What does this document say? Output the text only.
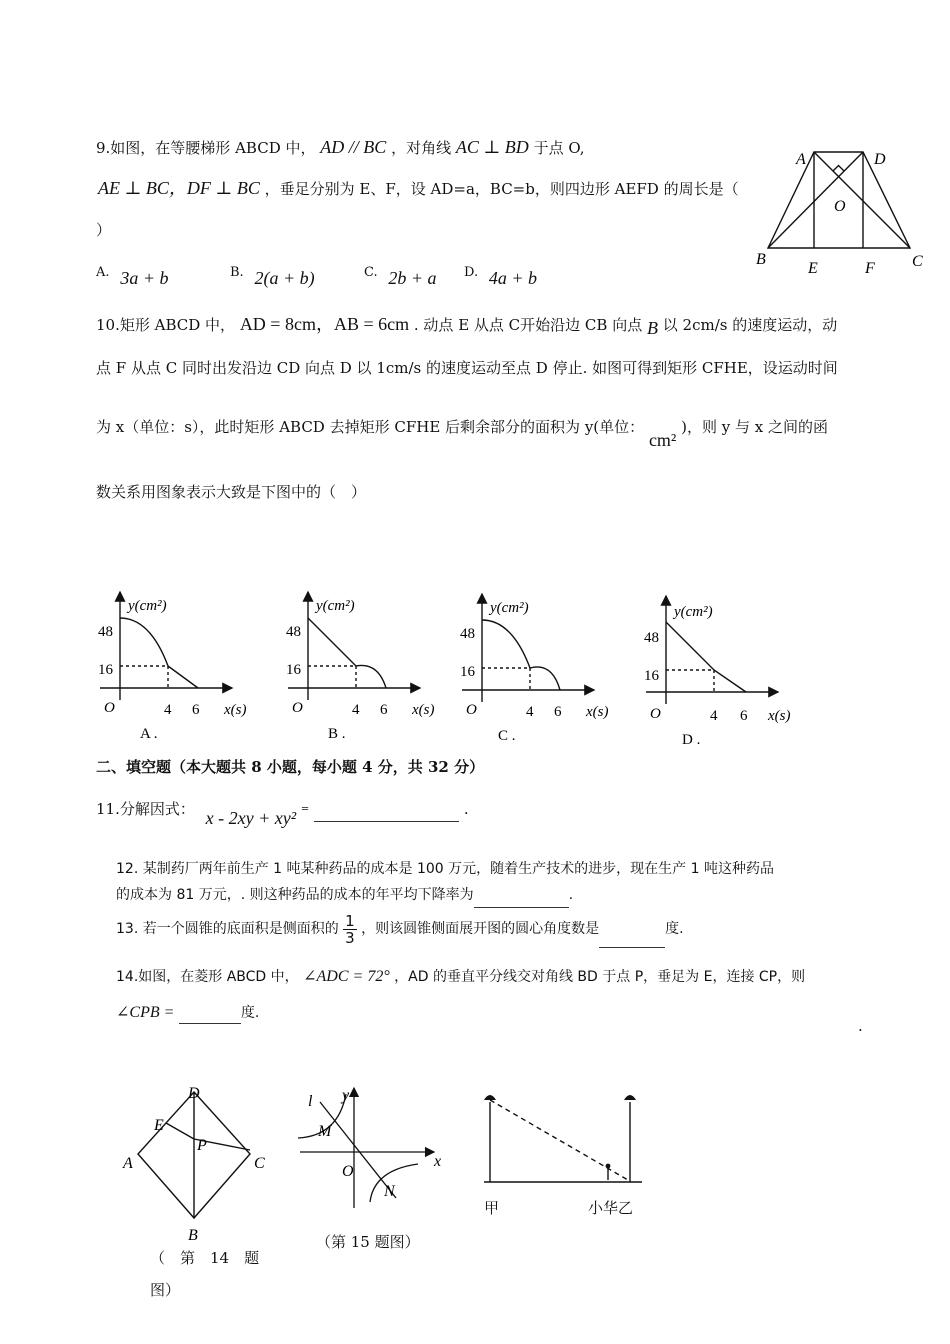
9.如图，在等腰梯形 ABCD 中， AD // BC ，对角线 AC ⊥ BD 于点 O,
AE ⊥ BC，DF ⊥ BC ，垂足分别为 E、F，设 AD=a，BC=b，则四边形 AEFD 的周长是（
）
A. 3a + b	B. 2(a + b)	C. 2b + a D. 4a + b
A	D
O
B
E	F C
10.矩形 ABCD 中， AD = 8cm，AB = 6cm . 动点 E 从点 C开始沿边 CB 向点 B 以 2cm/s 的速度运动，动
点 F 从点 C 同时出发沿边 CD 向点 D 以 1cm/s 的速度运动至点 D 停止. 如图可得到矩形 CFHE，设运动时间
为 x（单位：s），此时矩形 ABCD 去掉矩形 CFHE 后剩余部分的面积为 y(单位： cm² )，则 y 与 x 之间的函
数关系用图象表示大致是下图中的（　）
y(cm²)
48
16
O	4 6 x(s)
A .
y(cm²)
48
16
O	4 6 x(s)
B .
y(cm²)
48
16
O	4 6 x(s)
C .
y(cm²)
48
16
O	4 6 x(s)
D .
二、填空题（本大题共 8 小题，每小题 4 分，共 32 分）
11.分解因式： x - 2xy + xy² =	.
12. 某制药厂两年前生产 1 吨某种药品的成本是 100 万元，随着生产技术的进步，现在生产 1 吨这种药品
的成本为 81 万元，. 则这种药品的成本的年平均下降率为	.
13. 若一个圆锥的底面积是侧面积的 $\frac{1}{3}$ ，则该圆锥侧面展开图的圆心角度数是	度.
14.如图，在菱形 ABCD 中， ∠ADC = 72° ，AD 的垂直平分线交对角线 BD 于点 P，垂足为 E，连接 CP，则
∠CPB =	度.
.
D
E
P
A	C
B
（　第　14　题
图）
l y
M
O
x
N
（第 15 题图）
甲	小华乙
